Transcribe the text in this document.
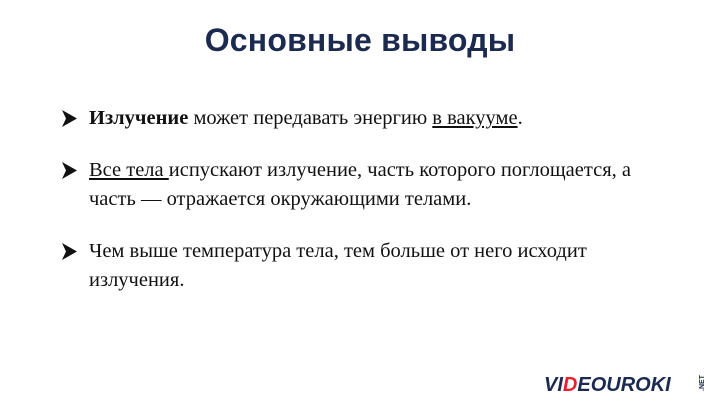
Основные выводы
Излучение может передавать энергию в вакууме.
Все тела испускают излучение, часть которого поглощается, а часть — отражается окружающими телами.
Чем выше температура тела, тем больше от него исходит излучения.
VIDEOUROKI	.NET
